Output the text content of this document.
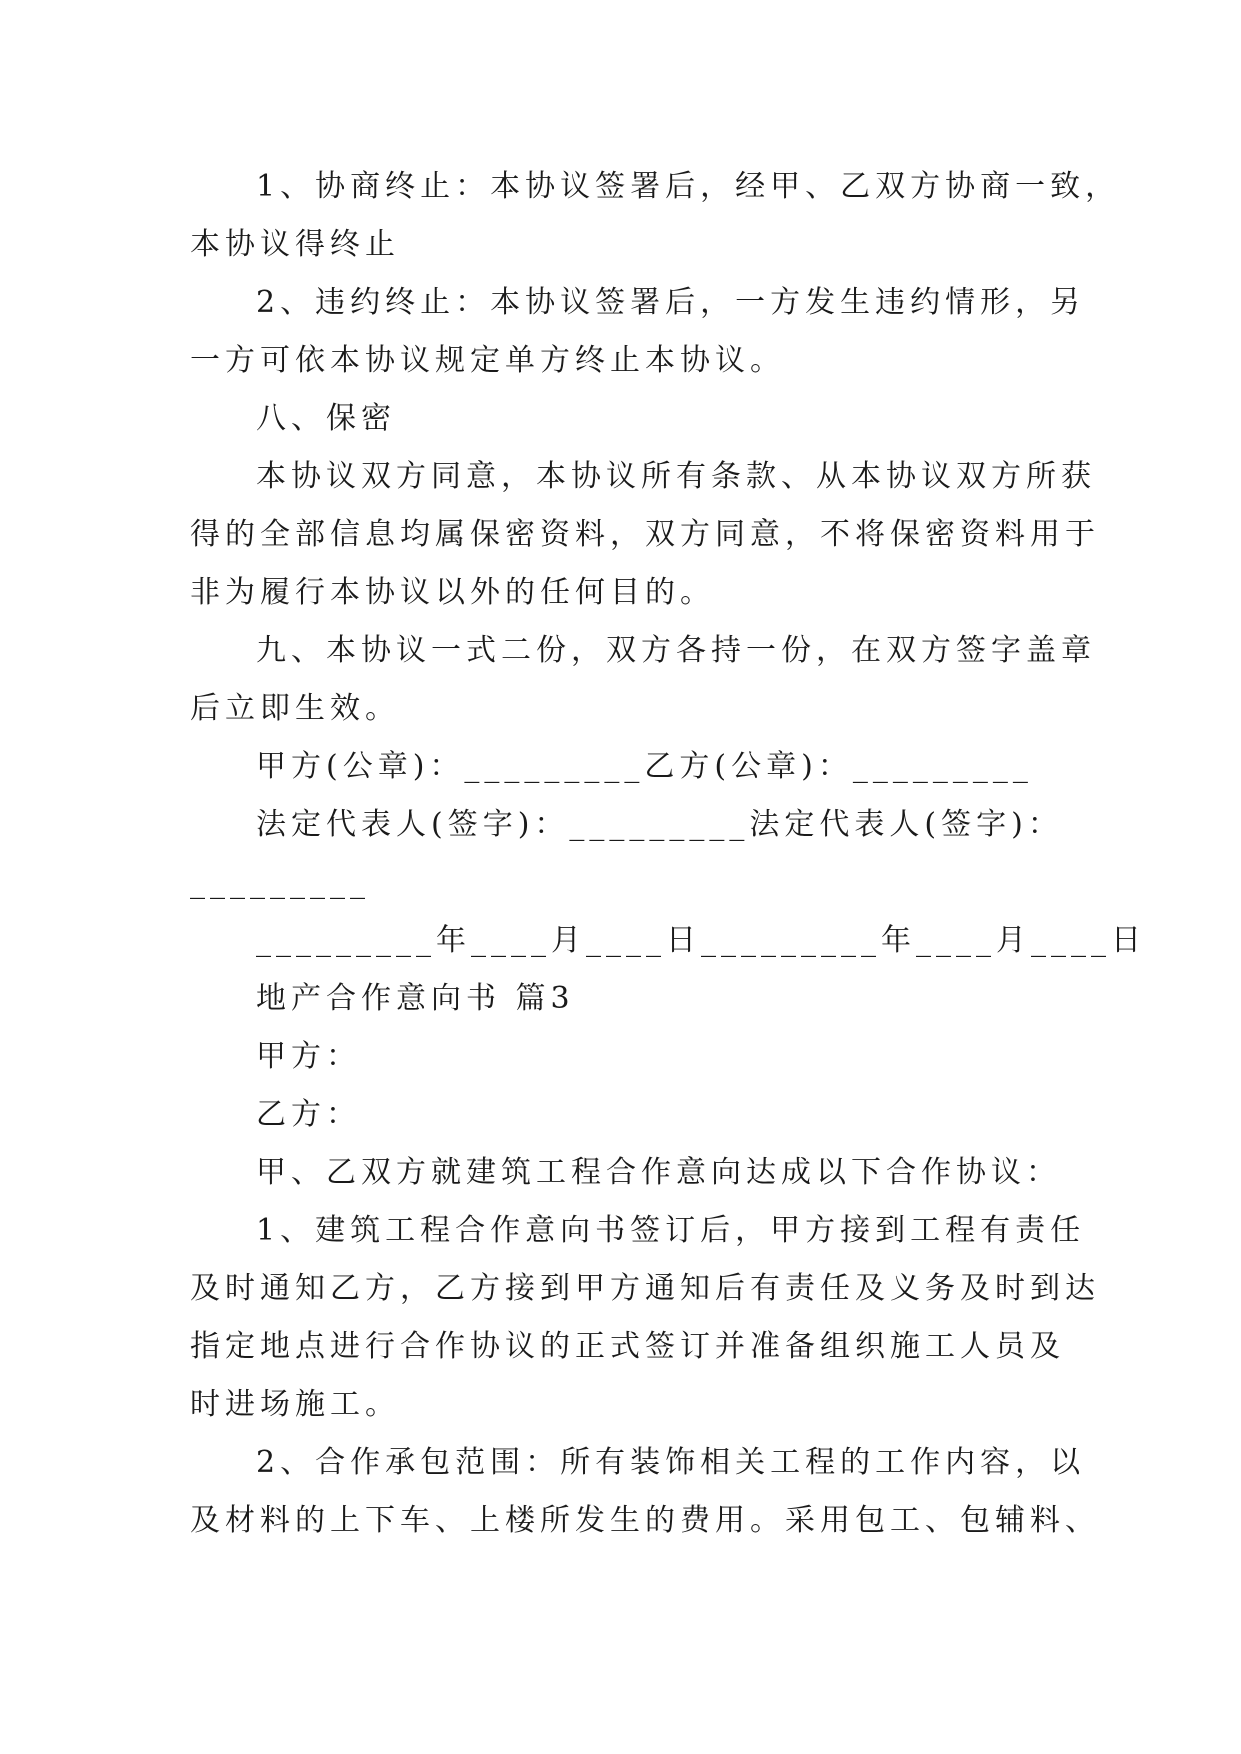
1、协商终止：本协议签署后，经甲、乙双方协商一致，
本协议得终止
2、违约终止：本协议签署后，一方发生违约情形，另
一方可依本协议规定单方终止本协议。
八、保密
本协议双方同意，本协议所有条款、从本协议双方所获
得的全部信息均属保密资料，双方同意，不将保密资料用于
非为履行本协议以外的任何目的。
九、本协议一式二份，双方各持一份，在双方签字盖章
后立即生效。
甲方(公章)：_________乙方(公章)：_________
法定代表人(签字)：_________法定代表人(签字)：
_________
_________年____月____日_________年____月____日
地产合作意向书 篇3
甲方：
乙方：
甲、乙双方就建筑工程合作意向达成以下合作协议：
1、建筑工程合作意向书签订后，甲方接到工程有责任
及时通知乙方，乙方接到甲方通知后有责任及义务及时到达
指定地点进行合作协议的正式签订并准备组织施工人员及
时进场施工。
2、合作承包范围：所有装饰相关工程的工作内容，以
及材料的上下车、上楼所发生的费用。采用包工、包辅料、
